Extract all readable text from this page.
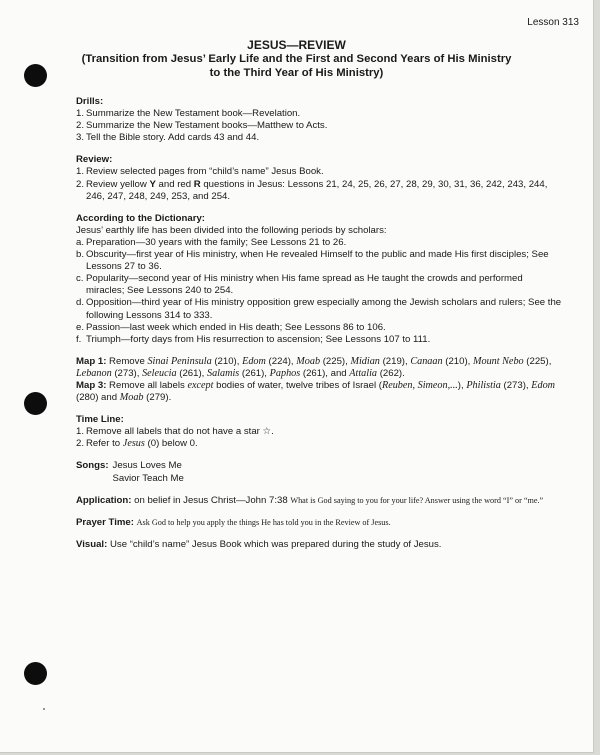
Lesson 313
JESUS—REVIEW
(Transition from Jesus’ Early Life and the First and Second Years of His Ministry
to the Third Year of His Ministry)
Drills:
1. Summarize the New Testament book—Revelation.
2. Summarize the New Testament books—Matthew to Acts.
3. Tell the Bible story. Add cards 43 and 44.
Review:
1. Review selected pages from “child’s name” Jesus Book.
2. Review yellow Y and red R questions in Jesus: Lessons 21, 24, 25, 26, 27, 28, 29, 30, 31, 36, 242, 243, 244, 246, 247, 248, 249, 253, and 254.
According to the Dictionary:
Jesus’ earthly life has been divided into the following periods by scholars:
a. Preparation—30 years with the family; See Lessons 21 to 26.
b. Obscurity—first year of His ministry, when He revealed Himself to the public and made His first disciples; See Lessons 27 to 36.
c. Popularity—second year of His ministry when His fame spread as He taught the crowds and performed miracles; See Lessons 240 to 254.
d. Opposition—third year of His ministry opposition grew especially among the Jewish scholars and rulers; See the following Lessons 314 to 333.
e. Passion—last week which ended in His death; See Lessons 86 to 106.
f. Triumph—forty days from His resurrection to ascension; See Lessons 107 to 111.
Map 1: Remove Sinai Peninsula (210), Edom (224), Moab (225), Midian (219), Canaan (210), Mount Nebo (225), Lebanon (273), Seleucia (261), Salamis (261), Paphos (261), and Attalia (262).
Map 3: Remove all labels except bodies of water, twelve tribes of Israel (Reuben, Simeon,...), Philistia (273), Edom (280) and Moab (279).
Time Line:
1. Remove all labels that do not have a star ☆.
2. Refer to Jesus (0) below 0.
Songs: Jesus Loves Me
Savior Teach Me
Application: on belief in Jesus Christ—John 7:38 What is God saying to you for your life? Answer using the word “I” or “me.”
Prayer Time: Ask God to help you apply the things He has told you in the Review of Jesus.
Visual: Use “child’s name” Jesus Book which was prepared during the study of Jesus.
